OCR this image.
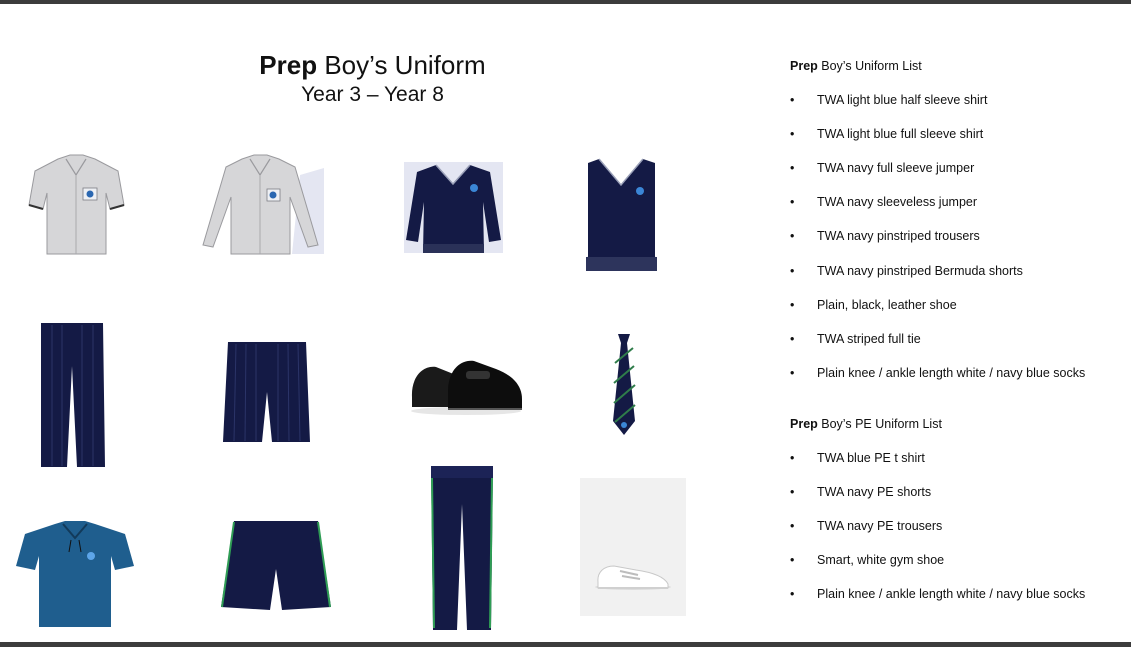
Prep Boy’s Uniform
Year 3 – Year 8
Prep Boy’s Uniform List
•	TWA light blue half sleeve shirt
•	TWA light blue full sleeve shirt
•	TWA navy full sleeve jumper
•	TWA navy sleeveless jumper
•	TWA navy pinstriped trousers
•	TWA navy pinstriped Bermuda shorts
•	Plain, black, leather shoe
•	TWA striped full tie
•	Plain knee / ankle length white / navy blue socks
Prep Boy’s PE Uniform List
•	TWA blue PE t shirt
•	TWA navy PE shorts
•	TWA navy PE trousers
•	Smart, white gym shoe
•	Plain knee / ankle length white / navy blue socks
